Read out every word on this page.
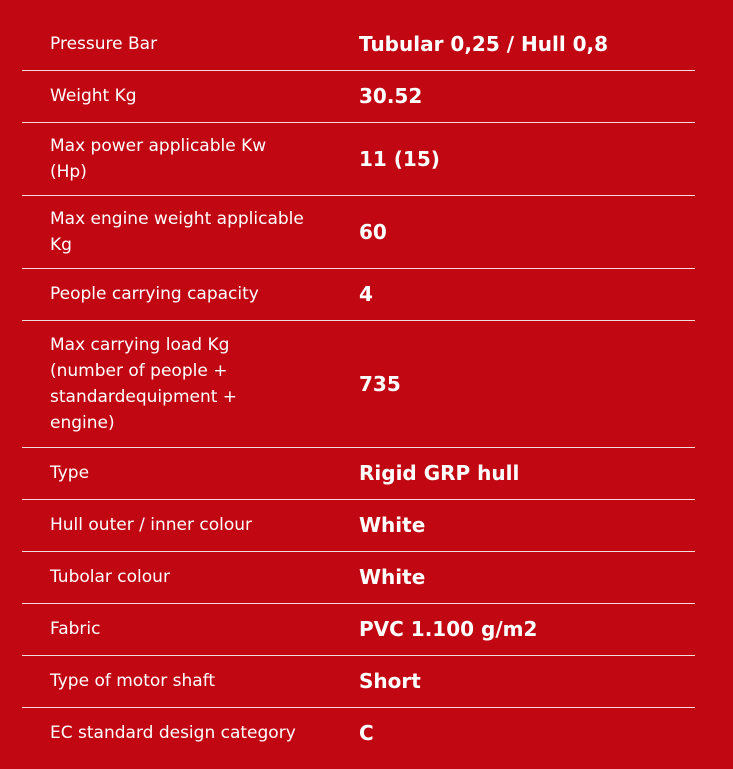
Pressure Bar	Tubular 0,25 / Hull 0,8

Weight Kg	30.52

Max power applicable Kw (Hp)	11 (15)

Max engine weight applicable Kg	60

People carrying capacity	4

Max carrying load Kg (number of people + standardequipment + engine)	735

Type	Rigid GRP hull

Hull outer / inner colour	White

Tubolar colour	White

Fabric	PVC 1.100 g/m2

Type of motor shaft	Short

EC standard design category	C
